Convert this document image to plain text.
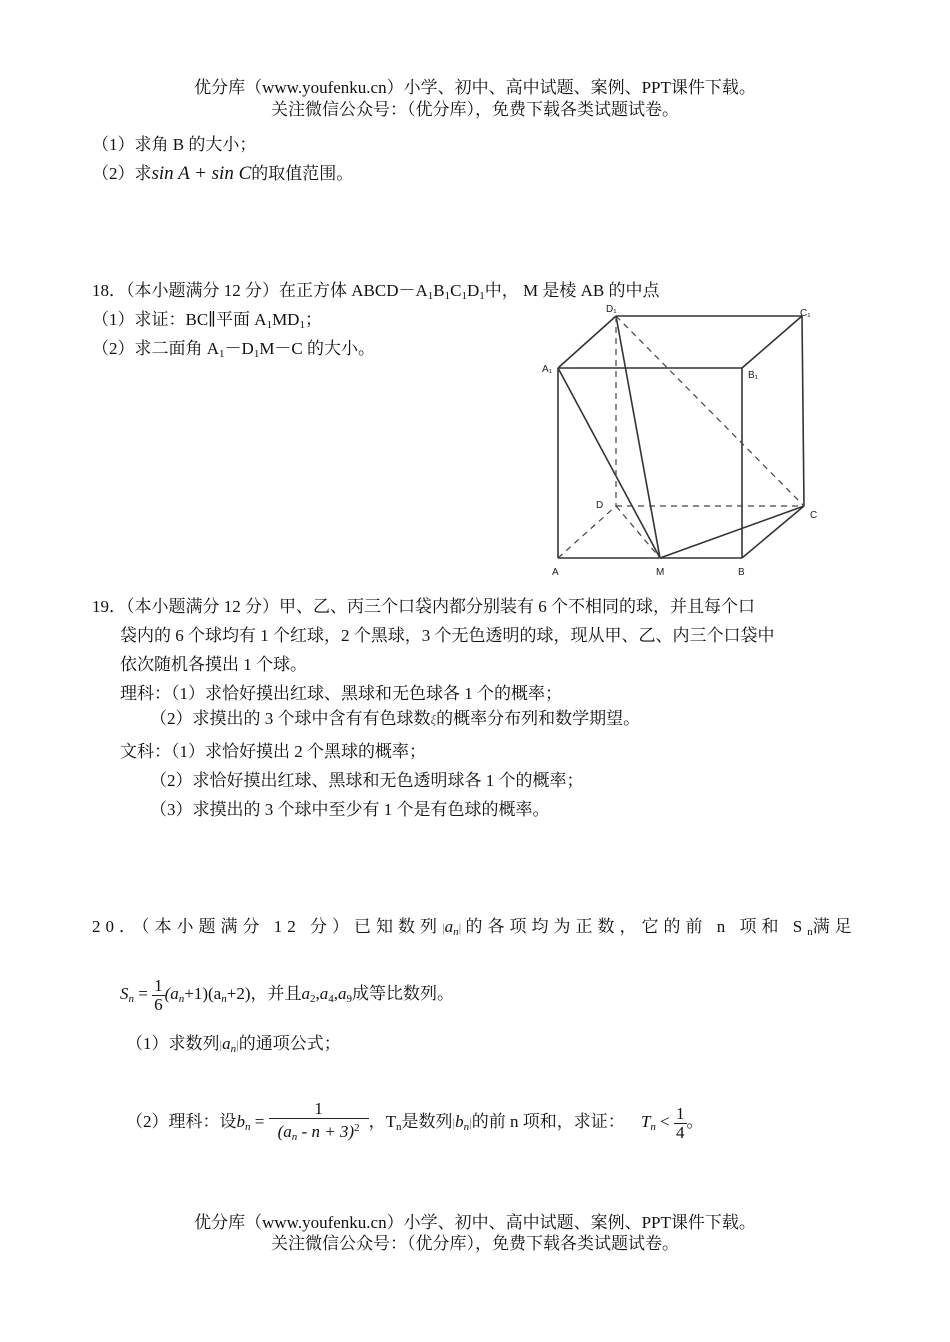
优分库（www.youfenku.cn）小学、初中、高中试题、案例、PPT课件下载。
关注微信公众号：（优分库），免费下载各类试题试卷。
（1）求角 B 的大小；
（2）求sin A + sin C的取值范围。
18．（本小题满分 12 分）在正方体 $ABCD-A_1B_1C_1D_1$中， M 是棱 AB 的中点
（1）求证：BC∥平面 $A_1MD_1$；
（2）求二面角 $A_1-D_1M-C$ 的大小。
D₁	C₁
A₁
B₁
D
C
A	M	B
19．（本小题满分 12 分）甲、乙、丙三个口袋内都分别装有 6 个不相同的球，并且每个口
袋内的 6 个球均有 1 个红球，2 个黑球，3 个无色透明的球，现从甲、乙、内三个口袋中
依次随机各摸出 1 个球。
理科：（1）求恰好摸出红球、黑球和无色球各 1 个的概率；
（2）求摸出的 3 个球中含有有色球数ξ的概率分布列和数学期望。
文科：（1）求恰好摸出 2 个黑球的概率；
（2）求恰好摸出红球、黑球和无色透明球各 1 个的概率；
（3）求摸出的 3 个球中至少有 1 个是有色球的概率。
20．（本小题满分 12 分）已知数列$|a_n|$ 的各项均为正数，它的前 n 项和 $S_n$满足
$S_n = \frac{1}{6} (a_n+1)(a_n+2)$，并且$a_2,a_4,a_9$成等比数列。
（1）求数列$|a_n|$的通项公式；
（2）理科：设$b_n = \frac{1}{(a_n - n + 3)^2}$ ，$T_n$是数列$|b_n|$的前 n 项和，求证： $T_n < \frac{1}{4}$ 。
优分库（www.youfenku.cn）小学、初中、高中试题、案例、PPT课件下载。
关注微信公众号：（优分库），免费下载各类试题试卷。
